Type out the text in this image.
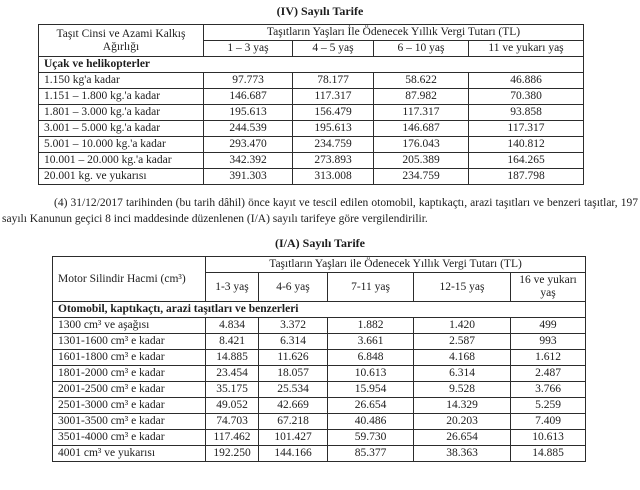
(IV) Sayılı Tarife
Taşıt Cinsi ve Azami Kalkış Ağırlığı	Taşıtların Yaşları İle Ödenecek Yıllık Vergi Tutarı (TL)			
	1 – 3 yaş	4 – 5 yaş	6 – 10 yaş	11 ve yukarı yaş
Uçak ve helikopterler				
1.150 kg'a kadar	97.773	78.177	58.622	46.886
1.151 – 1.800 kg.'a kadar	146.687	117.317	87.982	70.380
1.801 – 3.000 kg.'a kadar	195.613	156.479	117.317	93.858
3.001 – 5.000 kg.'a kadar	244.539	195.613	146.687	117.317
5.001 – 10.000 kg.'a kadar	293.470	234.759	176.043	140.812
10.001 – 20.000 kg.'a kadar	342.392	273.893	205.389	164.265
20.001 kg. ve yukarısı	391.303	313.008	234.759	187.798

(4) 31/12/2017 tarihinden (bu tarih dâhil) önce kayıt ve tescil edilen otomobil, kaptıkaçtı, arazi taşıtları ve benzeri taşıtlar, 197 sayılı Kanunun geçici 8 inci maddesinde düzenlenen (I/A) sayılı tarifeye göre vergilendirilir.

(I/A) Sayılı Tarife
Motor Silindir Hacmi (cm³)	Taşıtların Yaşları ile Ödenecek Yıllık Vergi Tutarı (TL)				
	1-3 yaş	4-6 yaş	7-11 yaş	12-15 yaş	16 ve yukarı yaş
Otomobil, kaptıkaçtı, arazi taşıtları ve benzerleri					
1300 cm³ ve aşağısı	4.834	3.372	1.882	1.420	499
1301-1600 cm³ e kadar	8.421	6.314	3.661	2.587	993
1601-1800 cm³ e kadar	14.885	11.626	6.848	4.168	1.612
1801-2000 cm³ e kadar	23.454	18.057	10.613	6.314	2.487
2001-2500 cm³ e kadar	35.175	25.534	15.954	9.528	3.766
2501-3000 cm³ e kadar	49.052	42.669	26.654	14.329	5.259
3001-3500 cm³ e kadar	74.703	67.218	40.486	20.203	7.409
3501-4000 cm³ e kadar	117.462	101.427	59.730	26.654	10.613
4001 cm³ ve yukarısı	192.250	144.166	85.377	38.363	14.885
